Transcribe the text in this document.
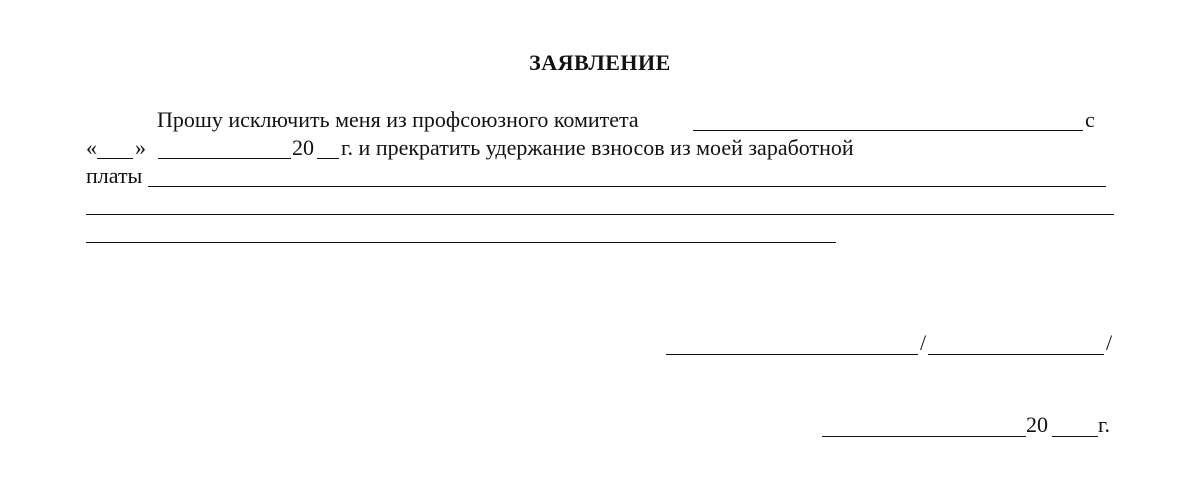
ЗАЯВЛЕНИЕ
Прошу исключить меня из профсоюзного комитета	с
« »	20 г. и прекратить удержание взносов из моей заработной
платы
/	/
20 г.
